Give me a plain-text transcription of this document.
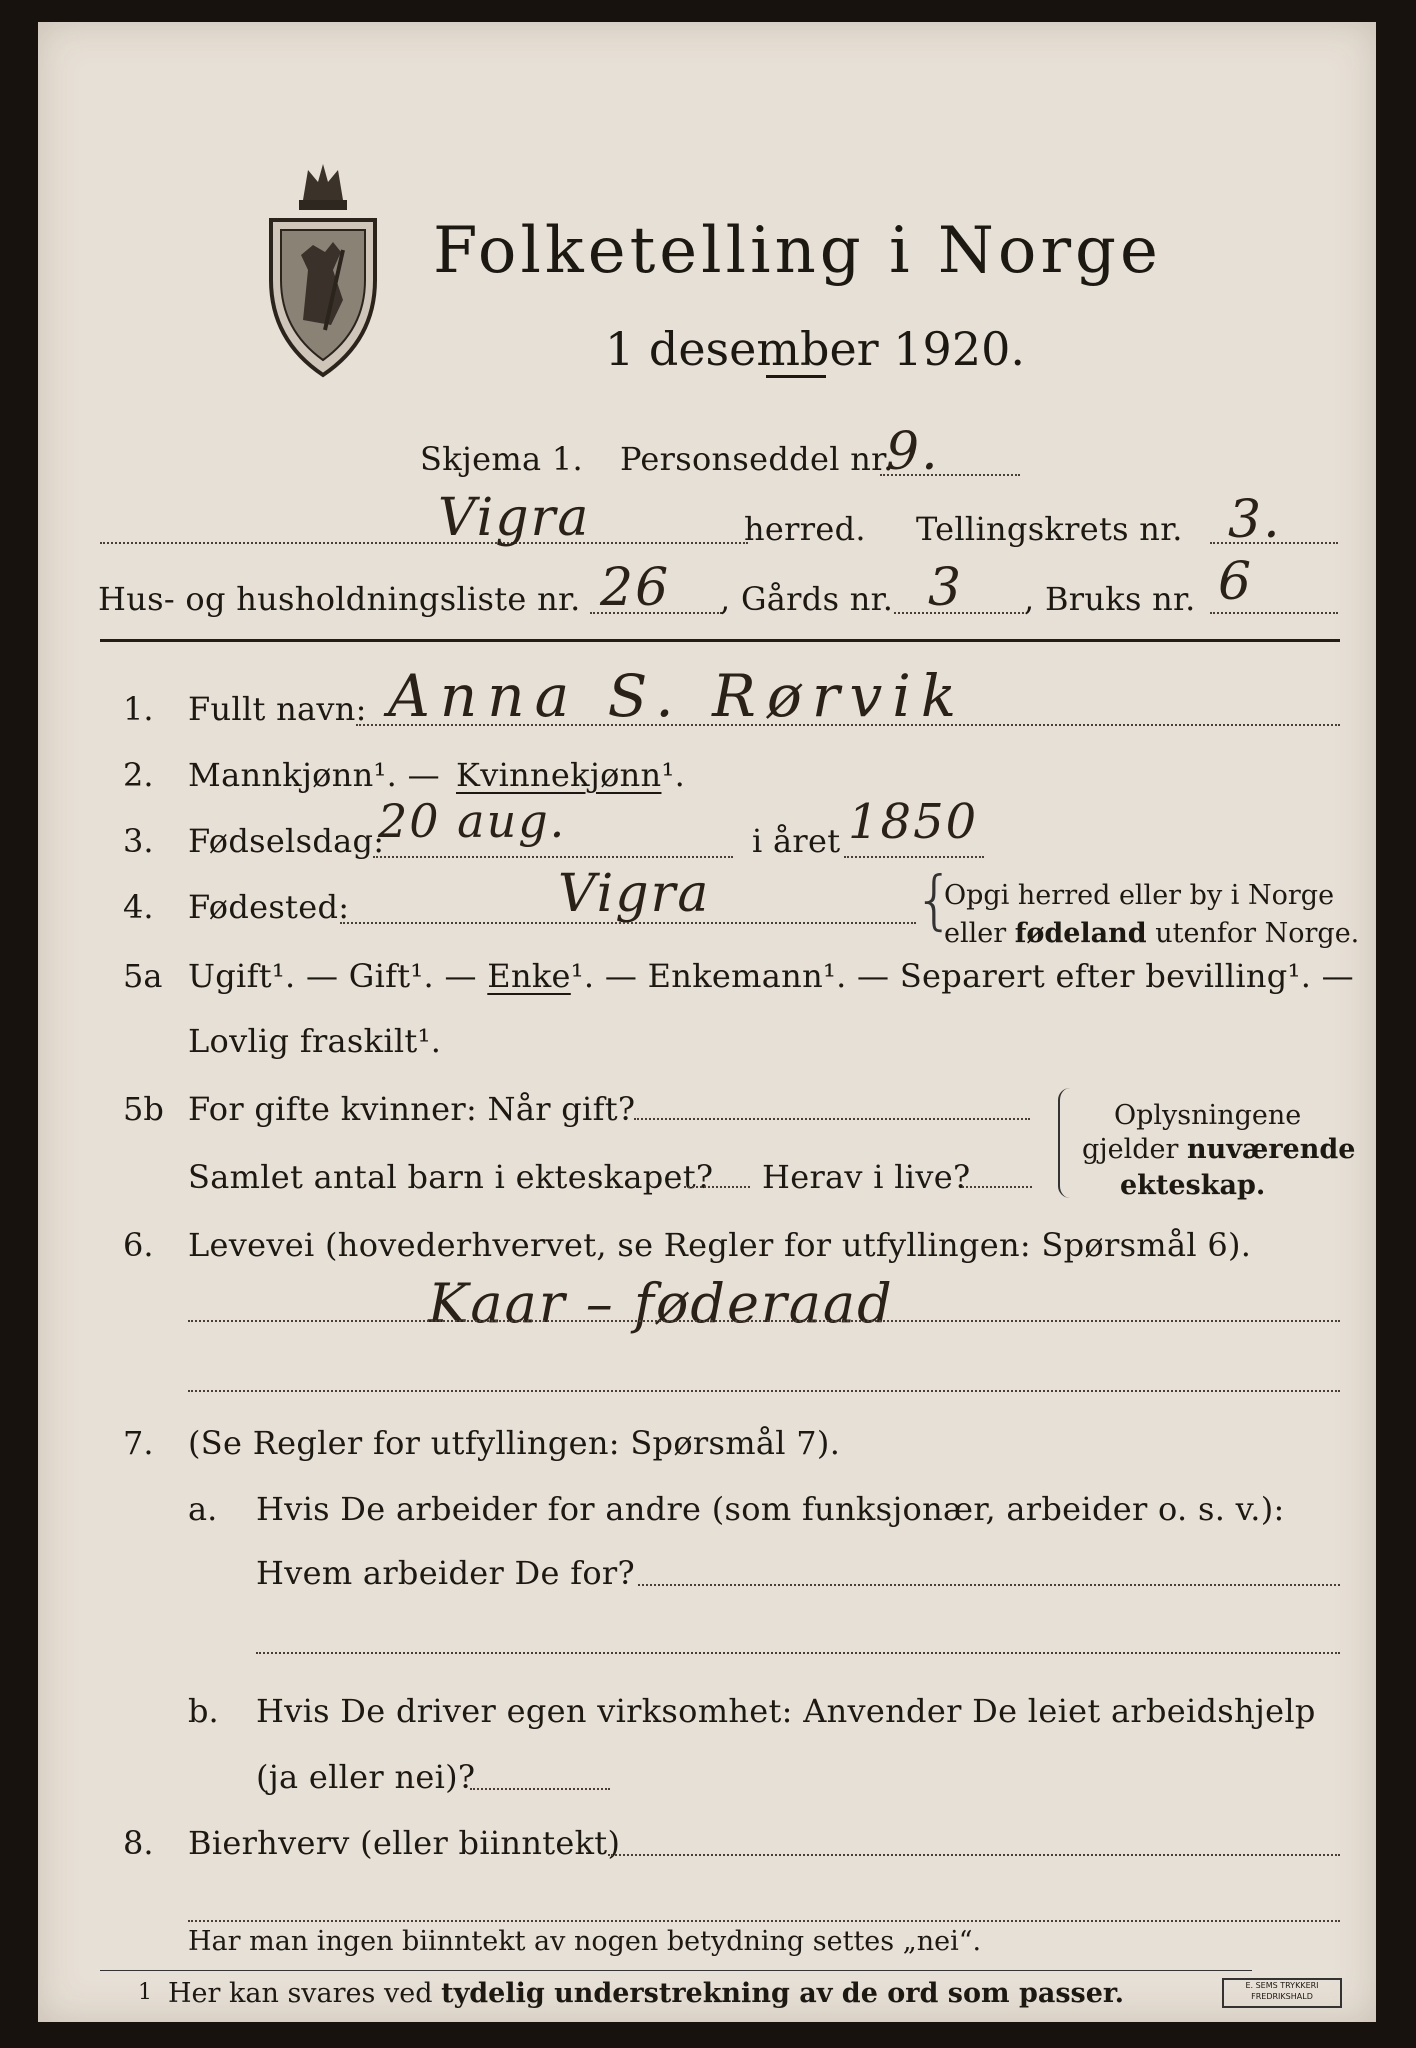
Folketelling i Norge
1 desember 1920.
Skjema 1. Personseddel nr.
9.
Vigra	herred. Tellingskrets nr. 3.
Hus- og husholdningsliste nr. 26 , Gårds nr. 3 , Bruks nr. 6
1. Fullt navn: Anna S. Rørvik
2. Mannkjønn¹. — Kvinnekjønn¹.
3. Fødselsdag:
20 aug.	i året 1850
4. Fødested:	Vigra	{
Opgi herred eller by i Norge
eller fødeland utenfor Norge.
5a Ugift¹. — Gift¹. — Enke¹. — Enkemann¹. — Separert efter bevilling¹. —
Lovlig fraskilt¹.
5b For gifte kvinner: Når gift?
Samlet antal barn i ekteskapet? Herav i live?
Oplysningene
gjelder nuværende
ekteskap.
6. Levevei (hovederhvervet, se Regler for utfyllingen: Spørsmål 6).
Kaar – føderaad
7. (Se Regler for utfyllingen: Spørsmål 7).
a. Hvis De arbeider for andre (som funksjonær, arbeider o. s. v.):
Hvem arbeider De for?
b. Hvis De driver egen virksomhet: Anvender De leiet arbeidshjelp
(ja eller nei)?
8. Bierhverv (eller biinntekt)
Har man ingen biinntekt av nogen betydning settes „nei“.
1 Her kan svares ved tydelig understrekning av de ord som passer.	E. SEMS TRYKKERI FREDRIKSHALD
